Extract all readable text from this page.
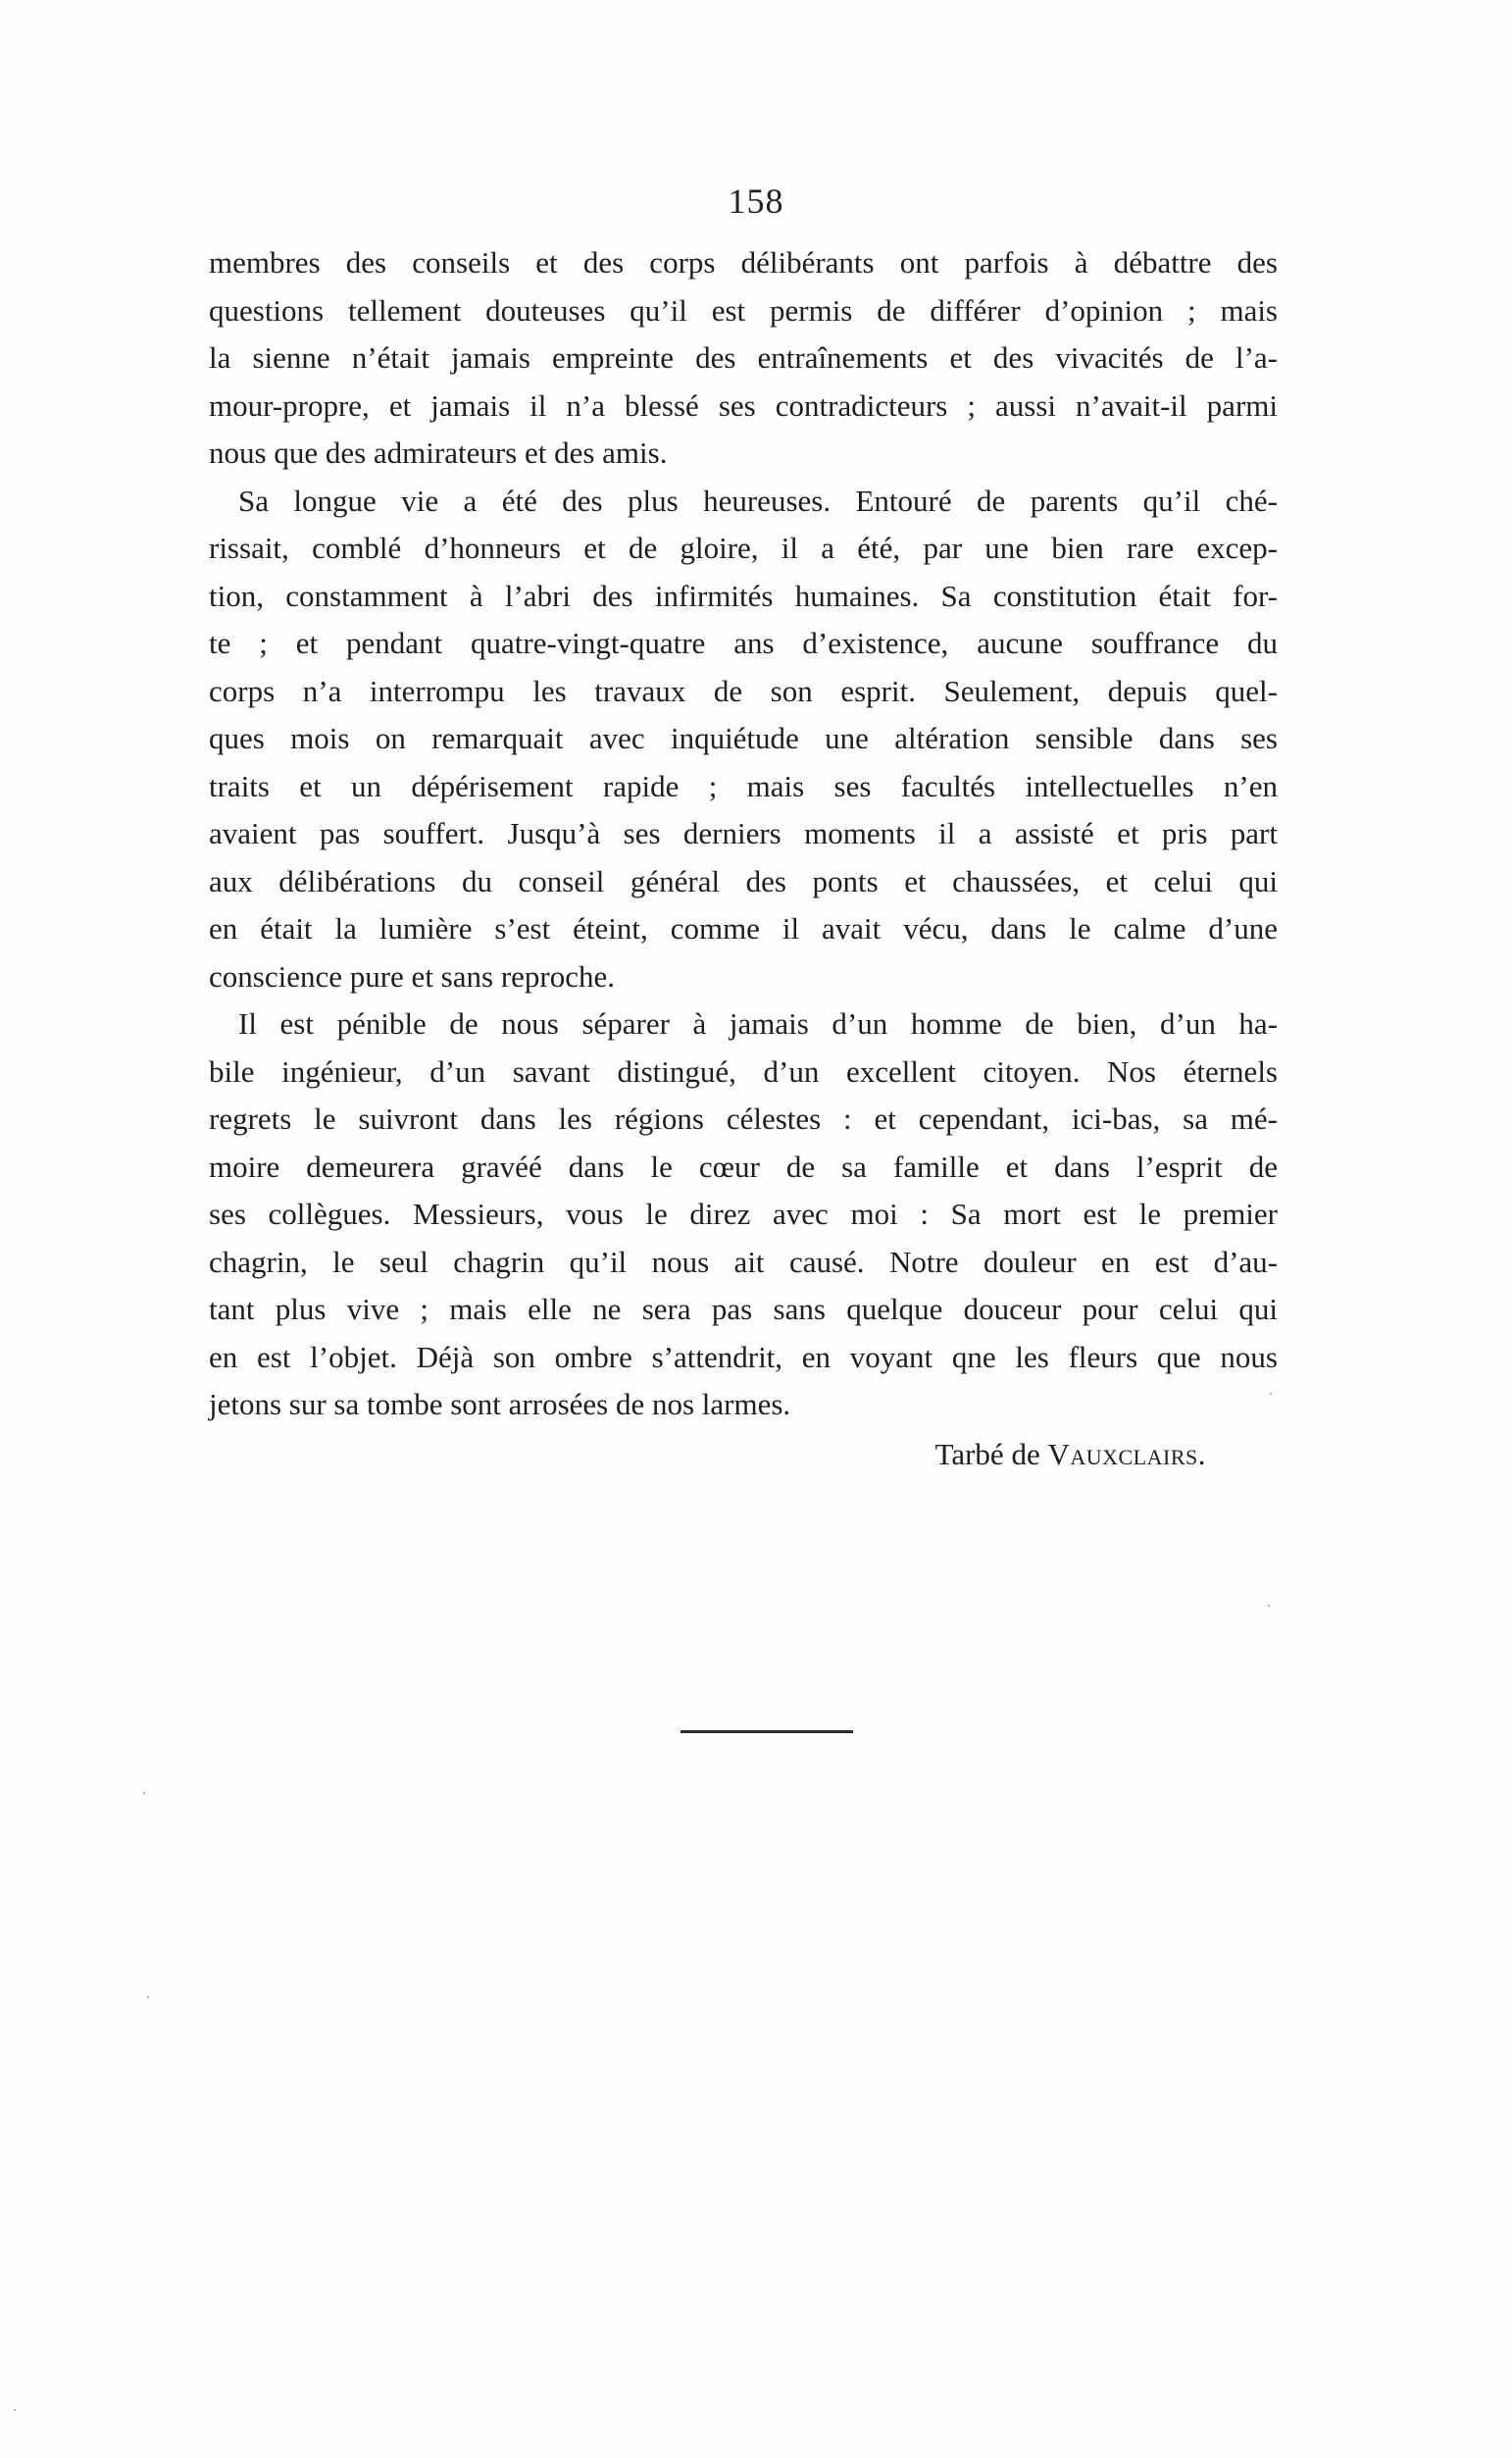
158
membres des conseils et des corps délibérants ont parfois à débattre des
questions tellement douteuses qu’il est permis de différer d’opinion ; mais
la sienne n’était jamais empreinte des entraînements et des vivacités de l’a-
mour-propre, et jamais il n’a blessé ses contradicteurs ; aussi n’avait-il parmi
nous que des admirateurs et des amis.
Sa longue vie a été des plus heureuses. Entouré de parents qu’il ché-
rissait, comblé d’honneurs et de gloire, il a été, par une bien rare excep-
tion, constamment à l’abri des infirmités humaines. Sa constitution était for-
te ; et pendant quatre-vingt-quatre ans d’existence, aucune souffrance du
corps n’a interrompu les travaux de son esprit. Seulement, depuis quel-
ques mois on remarquait avec inquiétude une altération sensible dans ses
traits et un dépérisement rapide ; mais ses facultés intellectuelles n’en
avaient pas souffert. Jusqu’à ses derniers moments il a assisté et pris part
aux délibérations du conseil général des ponts et chaussées, et celui qui
en était la lumière s’est éteint, comme il avait vécu, dans le calme d’une
conscience pure et sans reproche.
Il est pénible de nous séparer à jamais d’un homme de bien, d’un ha-
bile ingénieur, d’un savant distingué, d’un excellent citoyen. Nos éternels
regrets le suivront dans les régions célestes : et cependant, ici-bas, sa mé-
moire demeurera gravéé dans le cœur de sa famille et dans l’esprit de
ses collègues. Messieurs, vous le direz avec moi : Sa mort est le premier
chagrin, le seul chagrin qu’il nous ait causé. Notre douleur en est d’au-
tant plus vive ; mais elle ne sera pas sans quelque douceur pour celui qui
en est l’objet. Déjà son ombre s’attendrit, en voyant qne les fleurs que nous
jetons sur sa tombe sont arrosées de nos larmes.
Tarbé de Vauxclairs.
